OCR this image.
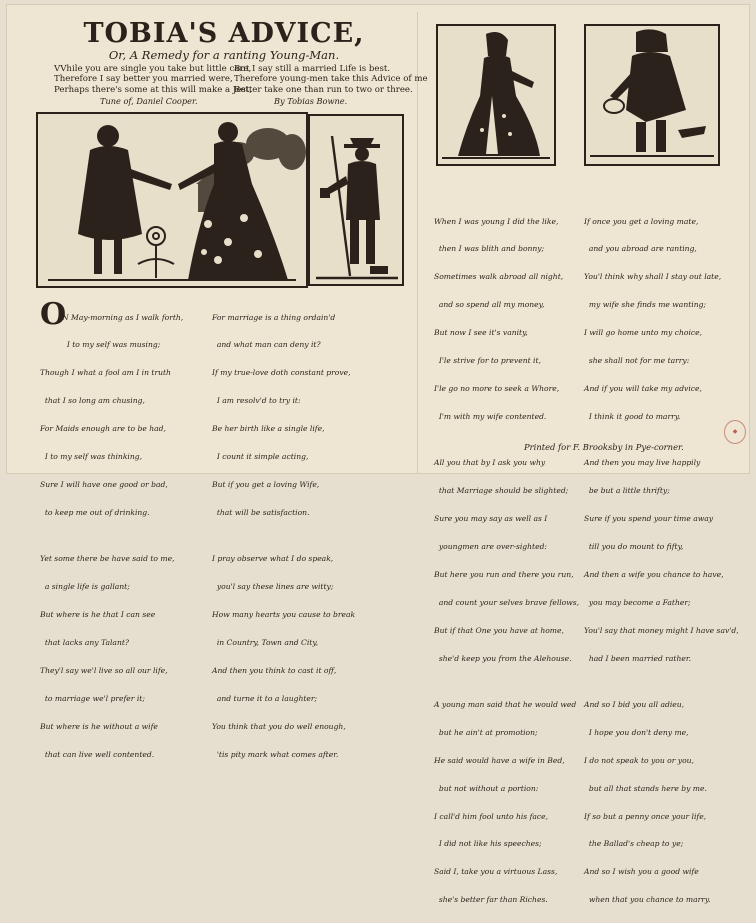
TOBIA'S ADVICE,
Or, A Remedy for a ranting Young-Man.
VVhile you are single you take but little care,
Therefore I say better you married were,
Perhaps there's some at this will make a Jest,
But I say still a married Life is best.
Therefore young-men take this Advice of me
Better take one than run to two or three.
Tune of, Daniel Cooper.	By Tobias Bowne.
O

N May-morning as I walk forth,

I to my self was musing;

Though I what a fool am I in truth

that I so long am chusing,

For Maids enough are to be had,

I to my self was thinking,

Sure I will have one good or bad,

to keep me out of drinking.

Yet some there be have said to me,

a single life is gallant;

But where is he that I can see

that lacks any Talant?

They'l say we'l live so all our life,

to marriage we'l prefer it;

But where is he without a wife

that can live well contented.

For marriage is a thing ordain'd

and what man can deny it?

If my true-love doth constant prove,

I am resolv'd to try it:

Be her birth like a single life,

I count it simple acting,

But if you get a loving Wife,

that will be satisfaction.

I pray observe what I do speak,

you'l say these lines are witty;

How many hearts you cause to break

in Country, Town and City,

And then you think to cast it off,

and turne it to a laughter;

You think that you do well enough,

'tis pity mark what comes after.

When I was young I did the like,

then I was blith and bonny;

Sometimes walk abroad all night,

and so spend all my money,

But now I see it's vanity,

I'le strive for to prevent it,

I'le go no more to seek a Whore,

I'm with my wife contented.

All you that by I ask you why

that Marriage should be slighted;

Sure you may say as well as I

youngmen are over-sighted:

But here you run and there you run,

and count your selves brave fellows,

But if that One you have at home,

she'd keep you from the Alehouse.

A young man said that he would wed

but he ain't at promotion;

He said would have a wife in Bed,

but not without a portion:

I call'd him fool unto his face,

I did not like his speeches;

Said I, take you a virtuous Lass,

she's better far than Riches.

If once you get a loving mate,

and you abroad are ranting,

You'l think why shall I stay out late,

my wife she finds me wanting;

I will go home unto my choice,

she shall not for me tarry:

And if you will take my advice,

I think it good to marry.

And then you may live happily

be but a little thrifty;

Sure if you spend your time away

till you do mount to fifty,

And then a wife you chance to have,

you may become a Father;

You'l say that money might I have sav'd,

had I been married rather.

And so I bid you all adieu,

I hope you don't deny me,

I do not speak to you or you,

but all that stands here by me.

If so but a penny once your life,

the Ballad's cheap to ye;

And so I wish you a good wife

when that you chance to marry.

Printed for F. Brooksby in Pye-corner.
◆
